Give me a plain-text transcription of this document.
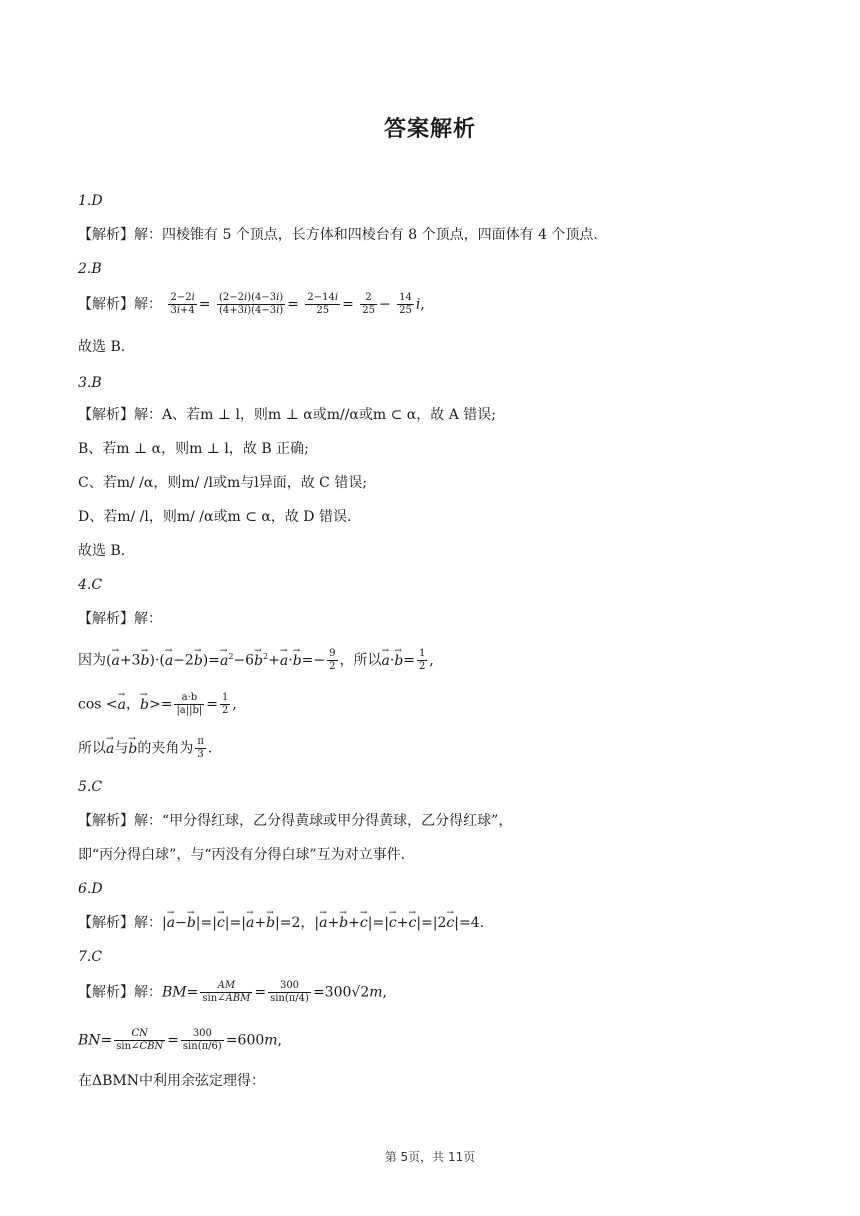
答案解析
1.D
【解析】解：四棱锥有 5 个顶点，长方体和四棱台有 8 个顶点，四面体有 4 个顶点.
2.B
【解析】解： $\frac{2-2i}{3i+4} = \frac{(2-2i)(4-3i)}{(4+3i)(4-3i)} = \frac{2-14i}{25} = \frac{2}{25} - \frac{14}{25} i$,
故选 B.
3.B
【解析】解：A、若m ⊥ l，则m ⊥ α或m//α或m ⊂ α，故 A 错误;
B、若m ⊥ α，则m ⊥ l，故 B 正确;
C、若m/ /α，则m/ /l或m与l异面，故 C 错误;
D、若m/ /l，则m/ /α或m ⊂ α，故 D 错误.
故选 B.
4.C
【解析】解：
因为(→ $a+3\to b)\cdot(\to a-2\to b)=\to a^2-6\to b^2+\to a\cdot\to b=- \frac{9}{2}$ ，所以→ $a\cdot\to b= \frac{1}{2}$ ,
cos <→ a，→ $b>= \frac{a\cdot b}{|a||b|} = \frac{1}{2}$ ,
所以→ a与→ b的夹角为 $\frac{\pi}{3}$ .
5.C
【解析】解：“甲分得红球，乙分得黄球或甲分得黄球，乙分得红球”，
即“丙分得白球”，与“丙没有分得白球”互为对立事件.
6.D
【解析】解：|→ a−→ b|=|→ c|=|→ a+→ b|=2，|→ a+→ b+→ c|=|→ c+→ c|=|2→ c|=4.
7.C
【解析】解：$BM= \frac{AM}{\text{sin∠ABM}} = \frac{300}{\sin(\pi/4)} =300√2m$,
$BN= \frac{CN}{\text{sin∠CBN}} = \frac{300}{\sin(\pi/6)} =600m$,
在ΔBMN中利用余弦定理得：
第 5页，共 11页
